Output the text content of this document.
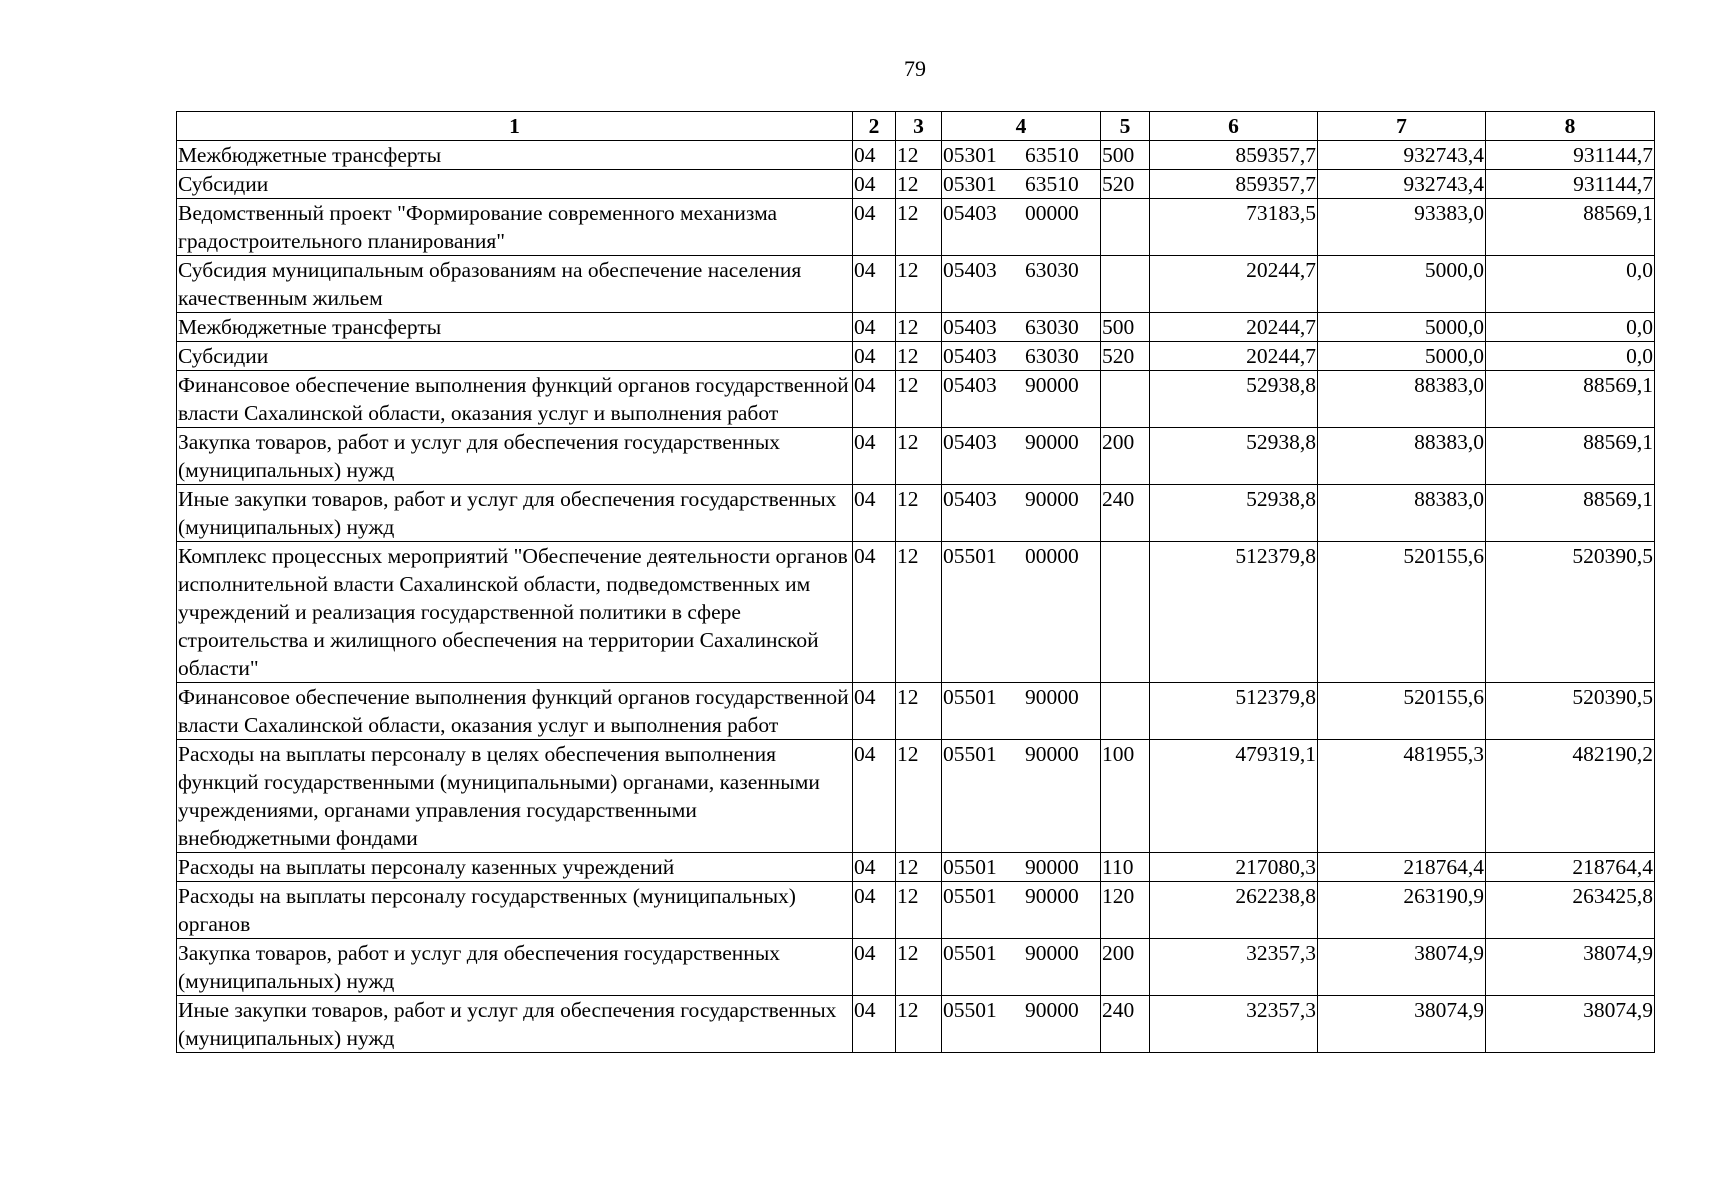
79
1	2	3	4	5	6	7	8
Межбюджетные трансферты	04	12	05301 63510	500	859357,7	932743,4	931144,7
Субсидии	04	12	05301 63510	520	859357,7	932743,4	931144,7
Ведомственный проект "Формирование современного механизма градостроительного планирования"	04	12	05403 00000		73183,5	93383,0	88569,1
Субсидия муниципальным образованиям на обеспечение населения качественным жильем	04	12	05403 63030		20244,7	5000,0	0,0
Межбюджетные трансферты	04	12	05403 63030	500	20244,7	5000,0	0,0
Субсидии	04	12	05403 63030	520	20244,7	5000,0	0,0
Финансовое обеспечение выполнения функций органов государственной власти Сахалинской области, оказания услуг и выполнения работ	04	12	05403 90000		52938,8	88383,0	88569,1
Закупка товаров, работ и услуг для обеспечения государственных (муниципальных) нужд	04	12	05403 90000	200	52938,8	88383,0	88569,1
Иные закупки товаров, работ и услуг для обеспечения государственных (муниципальных) нужд	04	12	05403 90000	240	52938,8	88383,0	88569,1
Комплекс процессных мероприятий "Обеспечение деятельности органов исполнительной власти Сахалинской области, подведомственных им учреждений и реализация государственной политики в сфере строительства и жилищного обеспечения на территории Сахалинской области"	04	12	05501 00000		512379,8	520155,6	520390,5
Финансовое обеспечение выполнения функций органов государственной власти Сахалинской области, оказания услуг и выполнения работ	04	12	05501 90000		512379,8	520155,6	520390,5
Расходы на выплаты персоналу в целях обеспечения выполнения функций государственными (муниципальными) органами, казенными учреждениями, органами управления государственными внебюджетными фондами	04	12	05501 90000	100	479319,1	481955,3	482190,2
Расходы на выплаты персоналу казенных учреждений	04	12	05501 90000	110	217080,3	218764,4	218764,4
Расходы на выплаты персоналу государственных (муниципальных) органов	04	12	05501 90000	120	262238,8	263190,9	263425,8
Закупка товаров, работ и услуг для обеспечения государственных (муниципальных) нужд	04	12	05501 90000	200	32357,3	38074,9	38074,9
Иные закупки товаров, работ и услуг для обеспечения государственных (муниципальных) нужд	04	12	05501 90000	240	32357,3	38074,9	38074,9
